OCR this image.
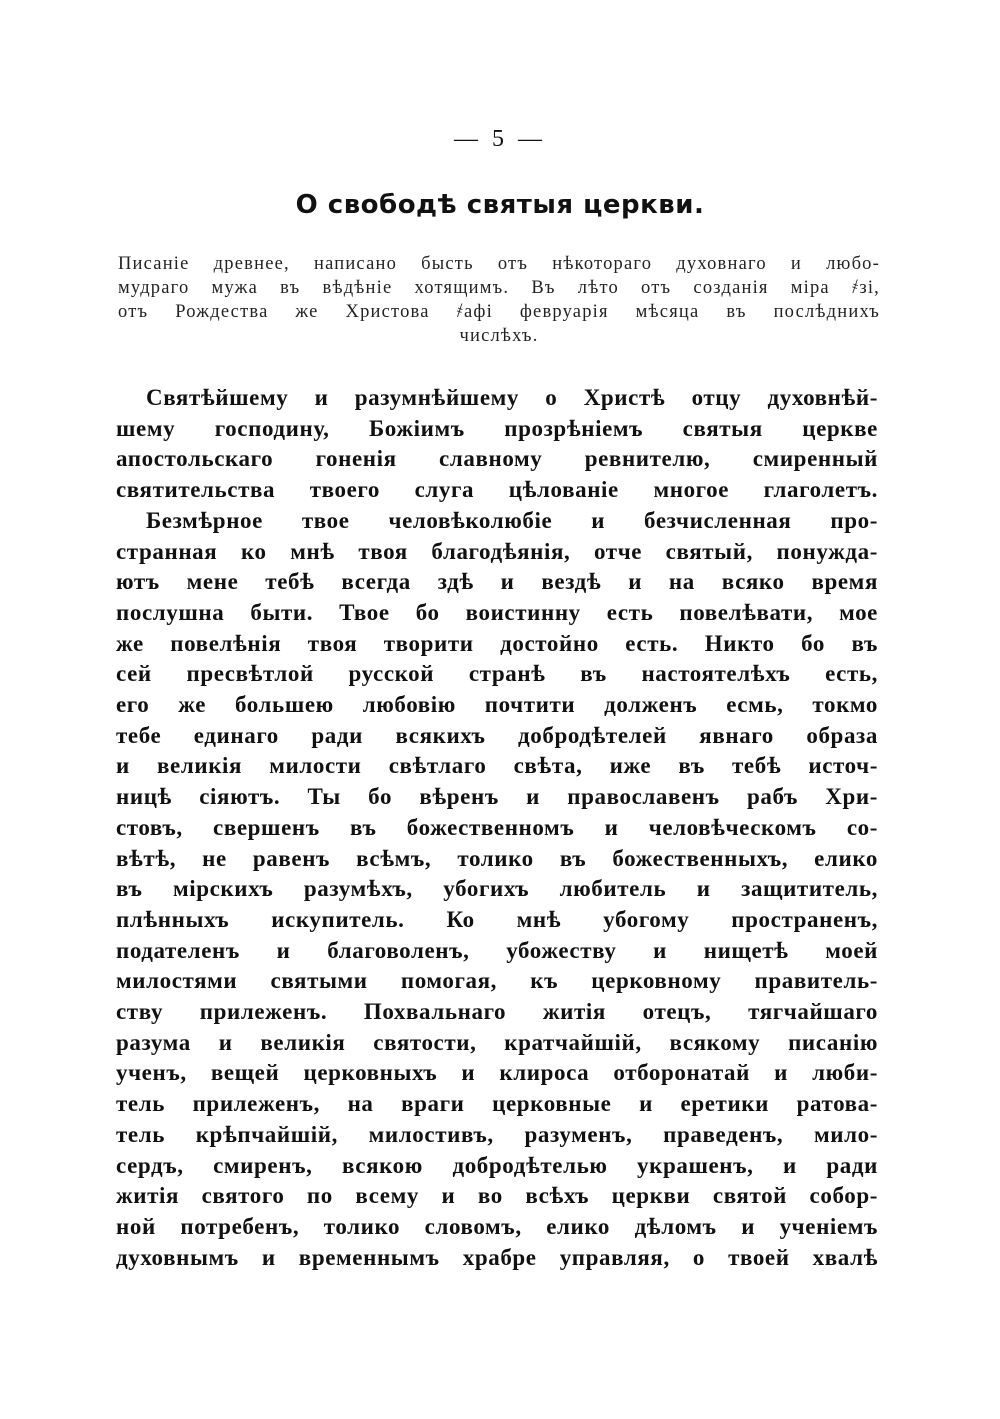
— 5 —
О свободѣ святыя церкви.
Писаніе древнее, написано бысть отъ нѣкотораго духовнаго и любо-
мудраго мужа въ вѣдѣніе хотящимъ. Въ лѣто отъ созданія міра ҂зі,
отъ Рождества же Христова ҂афі февруарія мѣсяца въ послѣднихъ
числѣхъ.
Святѣйшему и разумнѣйшему о Христѣ отцу духовнѣй-
шему господину, Божіимъ прозрѣніемъ святыя церкве
апостольскаго гоненія славному ревнителю, смиренный
святительства твоего слуга цѣлованіе многое глаголетъ.
Безмѣрное твое человѣколюбіе и безчисленная про-
странная ко мнѣ твоя благодѣянія, отче святый, понужда-
ютъ мене тебѣ всегда здѣ и вездѣ и на всяко время
послушна быти. Твое бо воистинну есть повелѣвати, мое
же повелѣнія твоя творити достойно есть. Никто бо въ
сей пресвѣтлой русской странѣ въ настоятелѣхъ есть,
его же большею любовію почтити долженъ есмь, токмо
тебе единаго ради всякихъ добродѣтелей явнаго образа
и великія милости свѣтлаго свѣта, иже въ тебѣ источ-
ницѣ сіяютъ. Ты бо вѣренъ и православенъ рабъ Хри-
стовъ, свершенъ въ божественномъ и человѣческомъ со-
вѣтѣ, не равенъ всѣмъ, толико въ божественныхъ, елико
въ мірскихъ разумѣхъ, убогихъ любитель и защититель,
плѣнныхъ искупитель. Ко мнѣ убогому пространенъ,
подателенъ и благоволенъ, убожеству и нищетѣ моей
милостями святыми помогая, къ церковному правитель-
ству прилеженъ. Похвальнаго житія отецъ, тягчайшаго
разума и великія святости, кратчайшій, всякому писанію
ученъ, вещей церковныхъ и клироса отборонатай и люби-
тель прилеженъ, на враги церковные и еретики ратова-
тель крѣпчайшій, милостивъ, разуменъ, праведенъ, мило-
сердъ, смиренъ, всякою добродѣтелью украшенъ, и ради
житія святого по всему и во всѣхъ церкви святой собор-
ной потребенъ, толико словомъ, елико дѣломъ и ученіемъ
духовнымъ и временнымъ храбре управляя, о твоей хвалѣ
